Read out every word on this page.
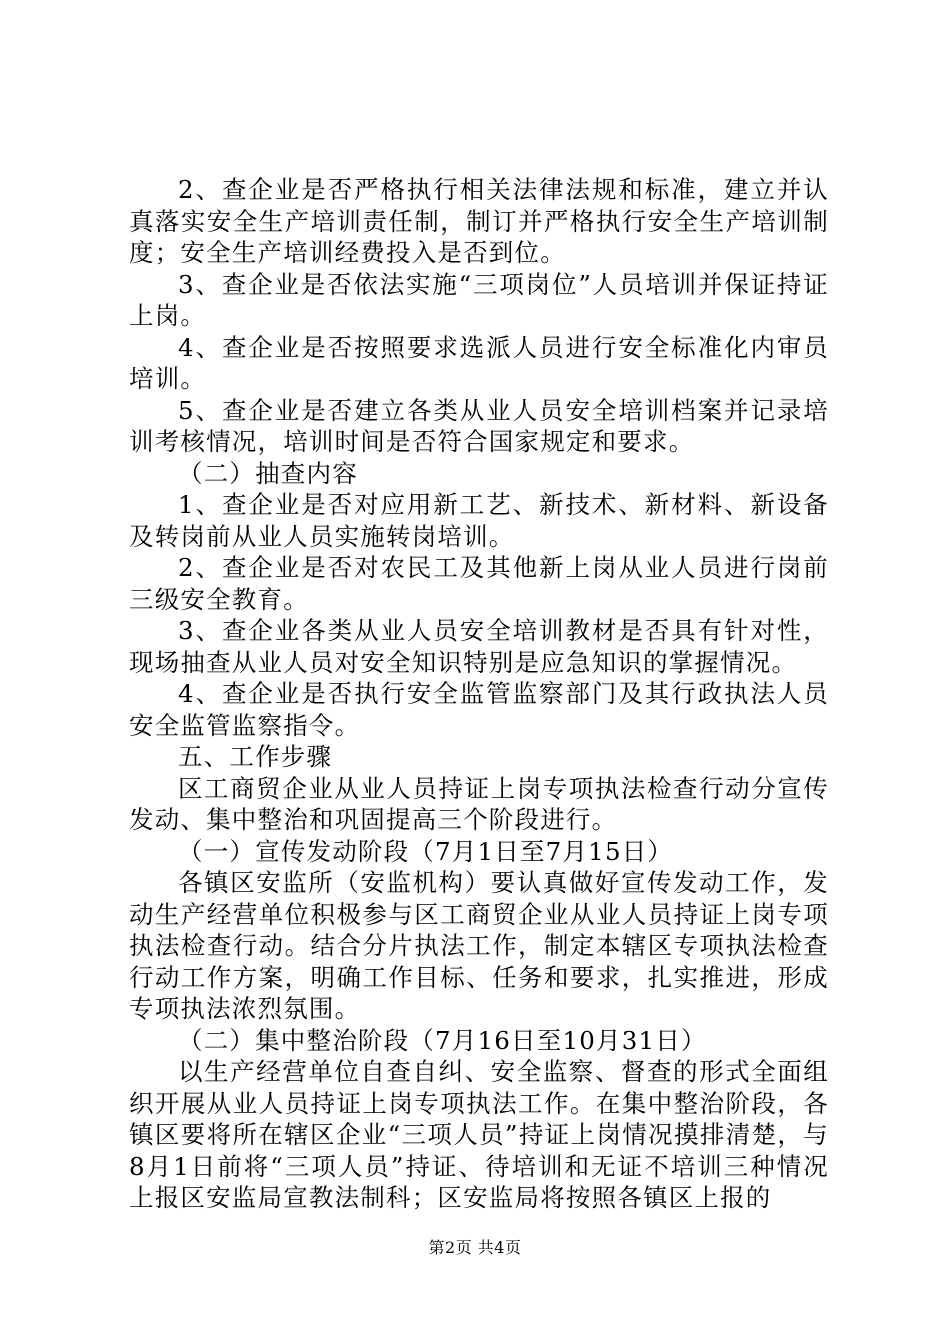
2、查企业是否严格执行相关法律法规和标准，建立并认真落实安全生产培训责任制，制订并严格执行安全生产培训制度；安全生产培训经费投入是否到位。

3、查企业是否依法实施“三项岗位”人员培训并保证持证上岗。

4、查企业是否按照要求选派人员进行安全标准化内审员培训。

5、查企业是否建立各类从业人员安全培训档案并记录培训考核情况，培训时间是否符合国家规定和要求。

（二）抽查内容

1、查企业是否对应用新工艺、新技术、新材料、新设备及转岗前从业人员实施转岗培训。

2、查企业是否对农民工及其他新上岗从业人员进行岗前三级安全教育。

3、查企业各类从业人员安全培训教材是否具有针对性，现场抽查从业人员对安全知识特别是应急知识的掌握情况。

4、查企业是否执行安全监管监察部门及其行政执法人员安全监管监察指令。

五、工作步骤

区工商贸企业从业人员持证上岗专项执法检查行动分宣传发动、集中整治和巩固提高三个阶段进行。

（一）宣传发动阶段（7月1日至7月15日）

各镇区安监所（安监机构）要认真做好宣传发动工作，发动生产经营单位积极参与区工商贸企业从业人员持证上岗专项执法检查行动。结合分片执法工作，制定本辖区专项执法检查行动工作方案，明确工作目标、任务和要求，扎实推进，形成专项执法浓烈氛围。

（二）集中整治阶段（7月16日至10月31日）

以生产经营单位自查自纠、安全监察、督查的形式全面组织开展从业人员持证上岗专项执法工作。在集中整治阶段，各镇区要将所在辖区企业“三项人员”持证上岗情况摸排清楚，与8月1日前将“三项人员”持证、待培训和无证不培训三种情况上报区安监局宣教法制科；区安监局将按照各镇区上报的

第2页 共4页
